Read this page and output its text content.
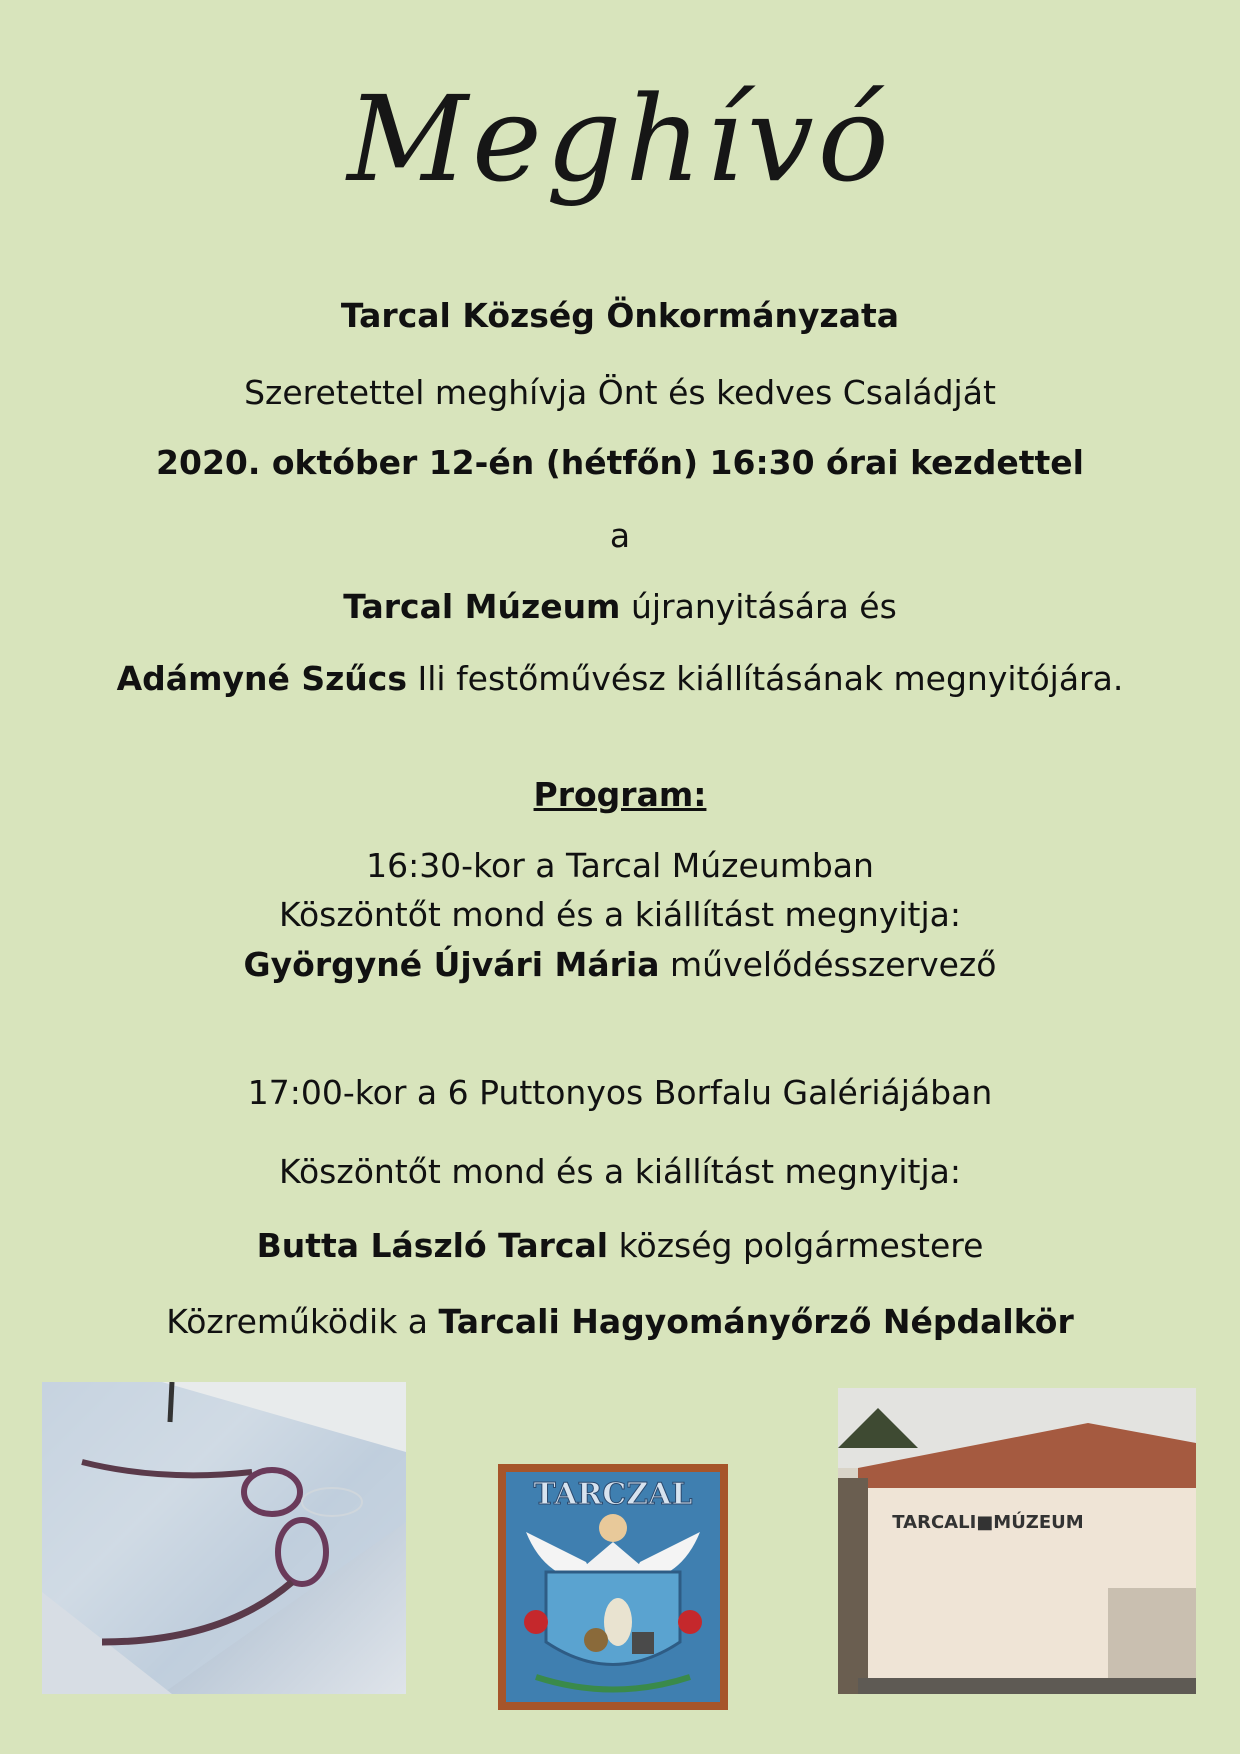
Meghívó
Tarcal Község Önkormányzata
Szeretettel meghívja Önt és kedves Családját
2020. október 12-én (hétfőn) 16:30 órai kezdettel
a
Tarcal Múzeum újranyitására és
Adámyné Szűcs Ili festőművész kiállításának megnyitójára.
Program:
16:30-kor a Tarcal Múzeumban
Köszöntőt mond és a kiállítást megnyitja:
Györgyné Újvári Mária művelődésszervező
17:00-kor a 6 Puttonyos Borfalu Galériájában
Köszöntőt mond és a kiállítást megnyitja:
Butta László Tarcal község polgármestere
Közreműködik a Tarcali Hagyományőrző Népdalkör
TARCZAL
TARCALI■MÚZEUM
